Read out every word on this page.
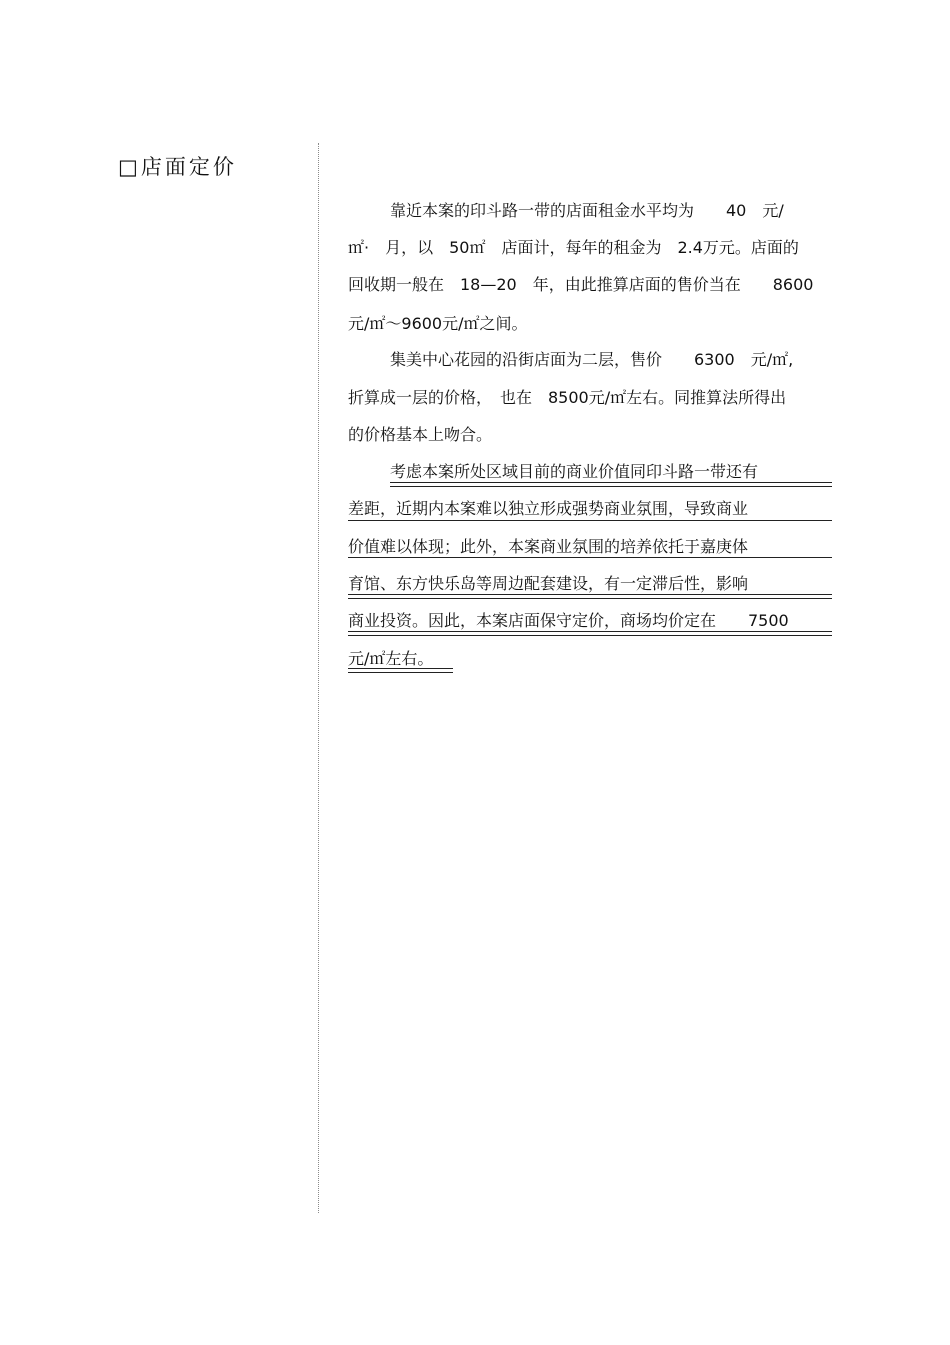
□店面定价
靠近本案的印斗路一带的店面租金水平均为　　40　元/
㎡·　月，以　50㎡　店面计，每年的租金为　2.4万元。店面的
回收期一般在　18—20　年，由此推算店面的售价当在　　8600
元/㎡～9600元/㎡之间。
集美中心花园的沿街店面为二层，售价　　6300　元/㎡,
折算成一层的价格，　也在　8500元/㎡左右。同推算法所得出
的价格基本上吻合。
考虑本案所处区域目前的商业价值同印斗路一带还有
差距，近期内本案难以独立形成强势商业氛围，导致商业
价值难以体现；此外，本案商业氛围的培养依托于嘉庚体
育馆、东方快乐岛等周边配套建设，有一定滞后性，影响
商业投资。因此，本案店面保守定价，商场均价定在　　7500
元/㎡左右。
